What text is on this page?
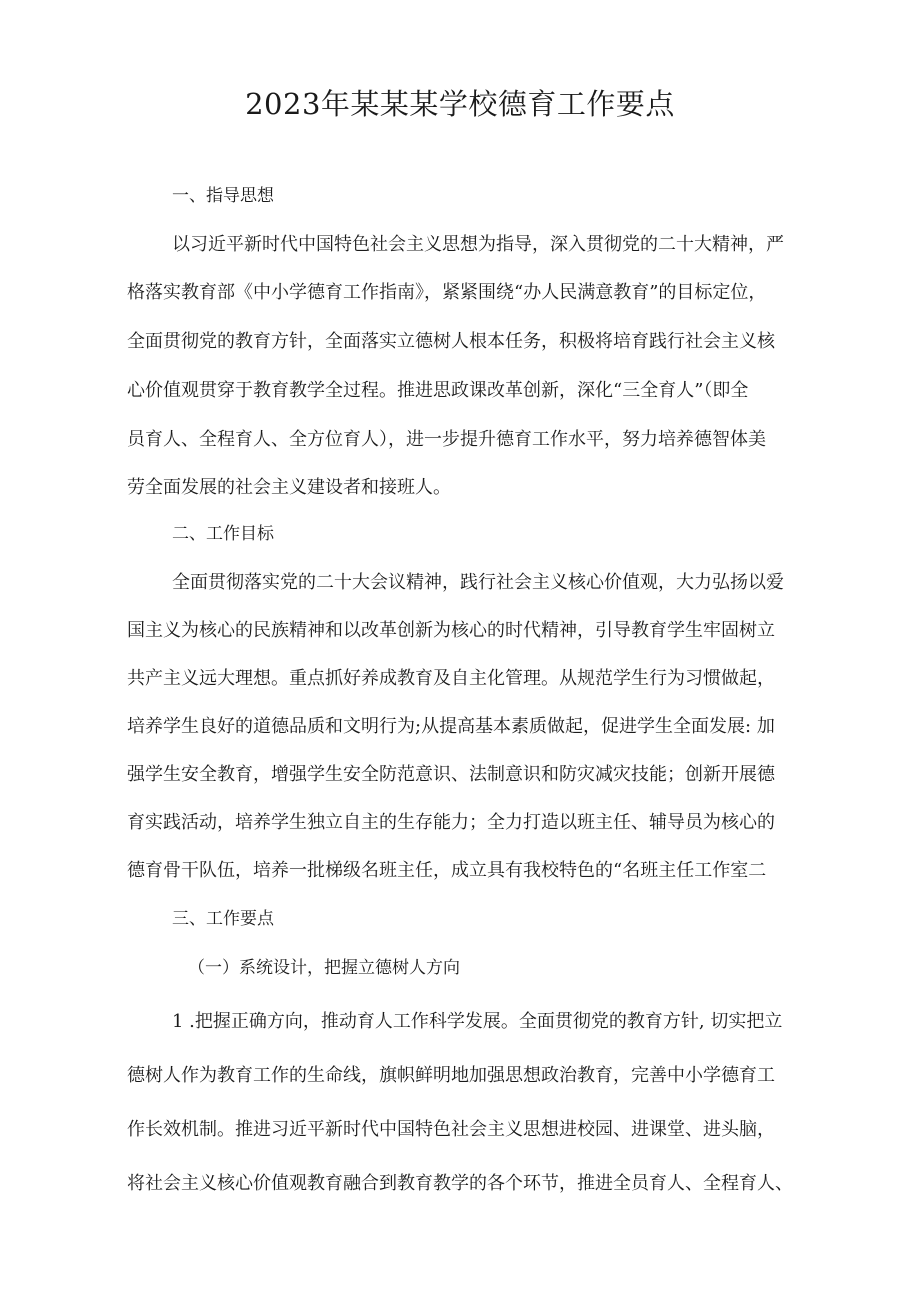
2023年某某某学校德育工作要点

一、指导思想

以习近平新时代中国特色社会主义思想为指导，深入贯彻党的二十大精神，严

格落实教育部《中小学德育工作指南》，紧紧围绕“办人民满意教育”的目标定位，

全面贯彻党的教育方针，全面落实立德树人根本任务，积极将培育践行社会主义核

心价值观贯穿于教育教学全过程。推进思政课改革创新，深化“三全育人”（即全

员育人、全程育人、全方位育人），进一步提升德育工作水平，努力培养德智体美

劳全面发展的社会主义建设者和接班人。

二、工作目标

全面贯彻落实党的二十大会议精神，践行社会主义核心价值观，大力弘扬以爱

国主义为核心的民族精神和以改革创新为核心的时代精神，引导教育学生牢固树立

共产主义远大理想。重点抓好养成教育及自主化管理。从规范学生行为习惯做起，

培养学生良好的道德品质和文明行为;从提高基本素质做起，促进学生全面发展: 加

强学生安全教育，增强学生安全防范意识、法制意识和防灾减灾技能；创新开展德

育实践活动，培养学生独立自主的生存能力；全力打造以班主任、辅导员为核心的

德育骨干队伍，培养一批梯级名班主任，成立具有我校特色的“名班主任工作室二

三、工作要点

（一）系统设计，把握立德树人方向

1 .把握正确方向，推动育人工作科学发展。全面贯彻党的教育方针, 切实把立

德树人作为教育工作的生命线，旗帜鲜明地加强思想政治教育，完善中小学德育工

作长效机制。推进习近平新时代中国特色社会主义思想进校园、进课堂、进头脑，

将社会主义核心价值观教育融合到教育教学的各个环节，推进全员育人、全程育人、
